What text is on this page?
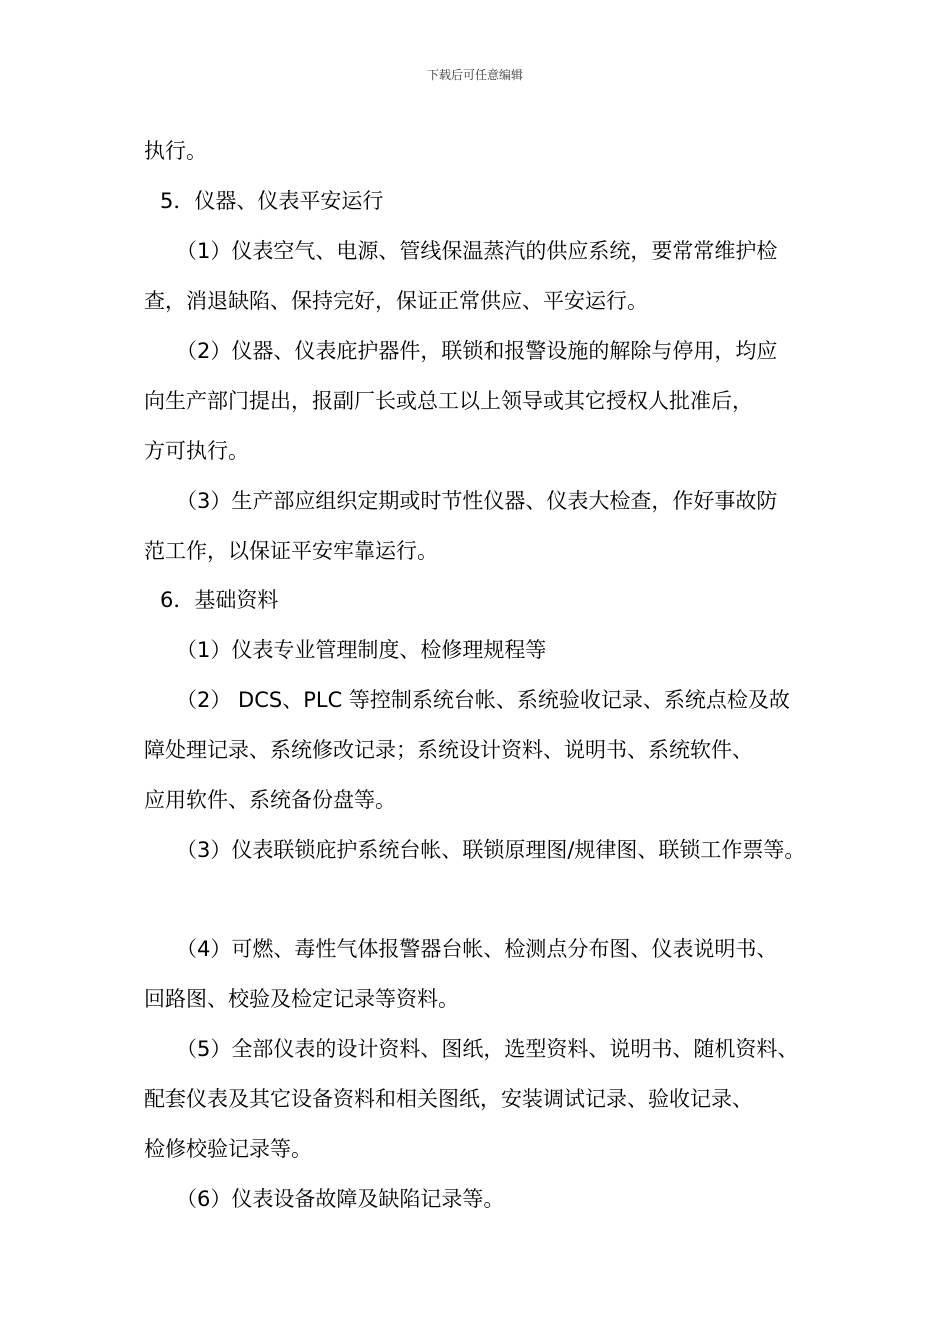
下载后可任意编辑
执行。
5．仪器、仪表平安运行
（1）仪表空气、电源、管线保温蒸汽的供应系统，要常常维护检
查，消退缺陷、保持完好，保证正常供应、平安运行。
（2）仪器、仪表庇护器件，联锁和报警设施的解除与停用，均应
向生产部门提出，报副厂长或总工以上领导或其它授权人批准后，
方可执行。
（3）生产部应组织定期或时节性仪器、仪表大检查，作好事故防
范工作，以保证平安牢靠运行。
6．基础资料
（1）仪表专业管理制度、检修理规程等
（2） DCS、PLC 等控制系统台帐、系统验收记录、系统点检及故
障处理记录、系统修改记录；系统设计资料、说明书、系统软件、
应用软件、系统备份盘等。
（3）仪表联锁庇护系统台帐、联锁原理图/规律图、联锁工作票等。
（4）可燃、毒性气体报警器台帐、检测点分布图、仪表说明书、
回路图、校验及检定记录等资料。
（5）全部仪表的设计资料、图纸，选型资料、说明书、随机资料、
配套仪表及其它设备资料和相关图纸，安装调试记录、验收记录、
检修校验记录等。
（6）仪表设备故障及缺陷记录等。
